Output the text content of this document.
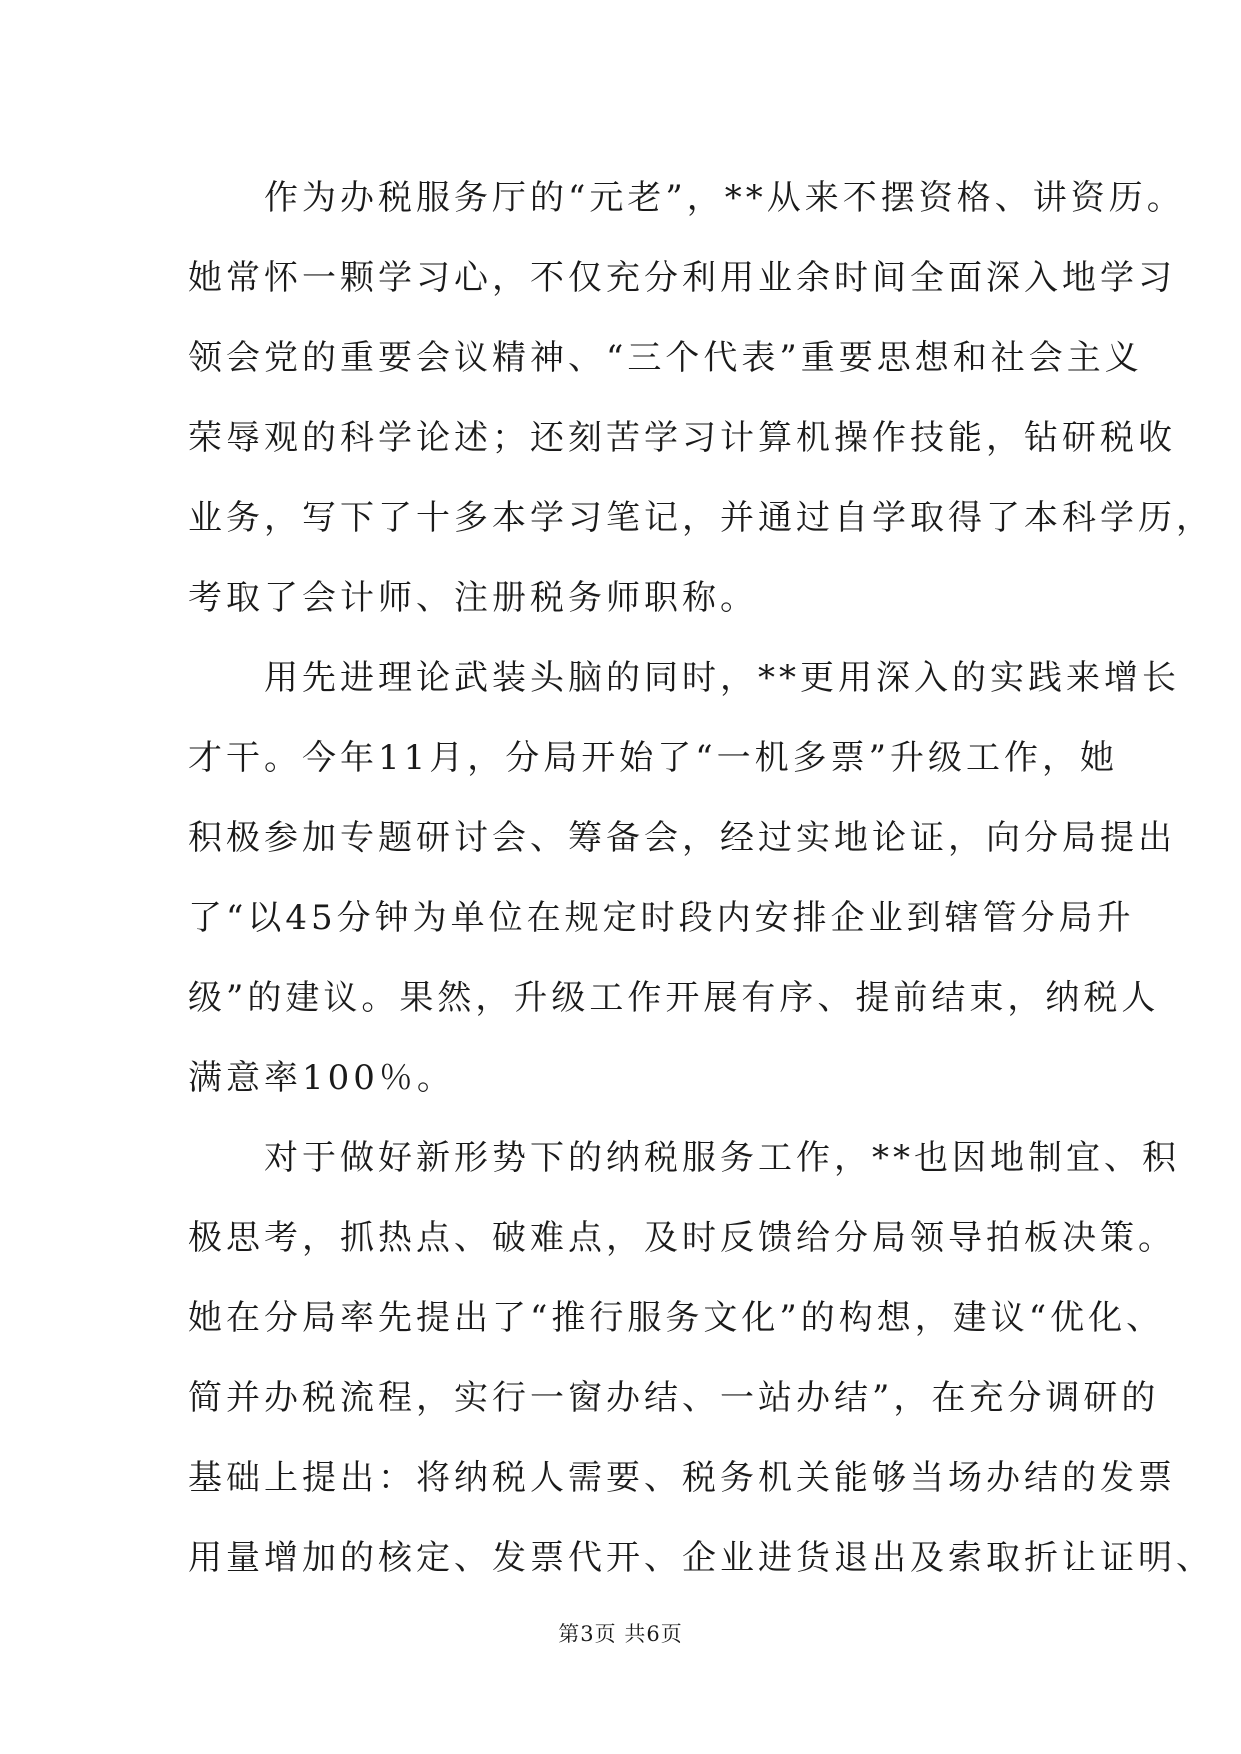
　　作为办税服务厅的“元老”，**从来不摆资格、讲资历。

她常怀一颗学习心，不仅充分利用业余时间全面深入地学习

领会党的重要会议精神、“三个代表”重要思想和社会主义

荣辱观的科学论述；还刻苦学习计算机操作技能，钻研税收

业务，写下了十多本学习笔记，并通过自学取得了本科学历，

考取了会计师、注册税务师职称。

　　用先进理论武装头脑的同时，**更用深入的实践来增长

才干。今年11月，分局开始了“一机多票”升级工作，她

积极参加专题研讨会、筹备会，经过实地论证，向分局提出

了“以45分钟为单位在规定时段内安排企业到辖管分局升

级”的建议。果然，升级工作开展有序、提前结束，纳税人

满意率100％。

　　对于做好新形势下的纳税服务工作，**也因地制宜、积

极思考，抓热点、破难点，及时反馈给分局领导拍板决策。

她在分局率先提出了“推行服务文化”的构想，建议“优化、

简并办税流程，实行一窗办结、一站办结”，在充分调研的

基础上提出：将纳税人需要、税务机关能够当场办结的发票

用量增加的核定、发票代开、企业进货退出及索取折让证明、

第3页 共6页
